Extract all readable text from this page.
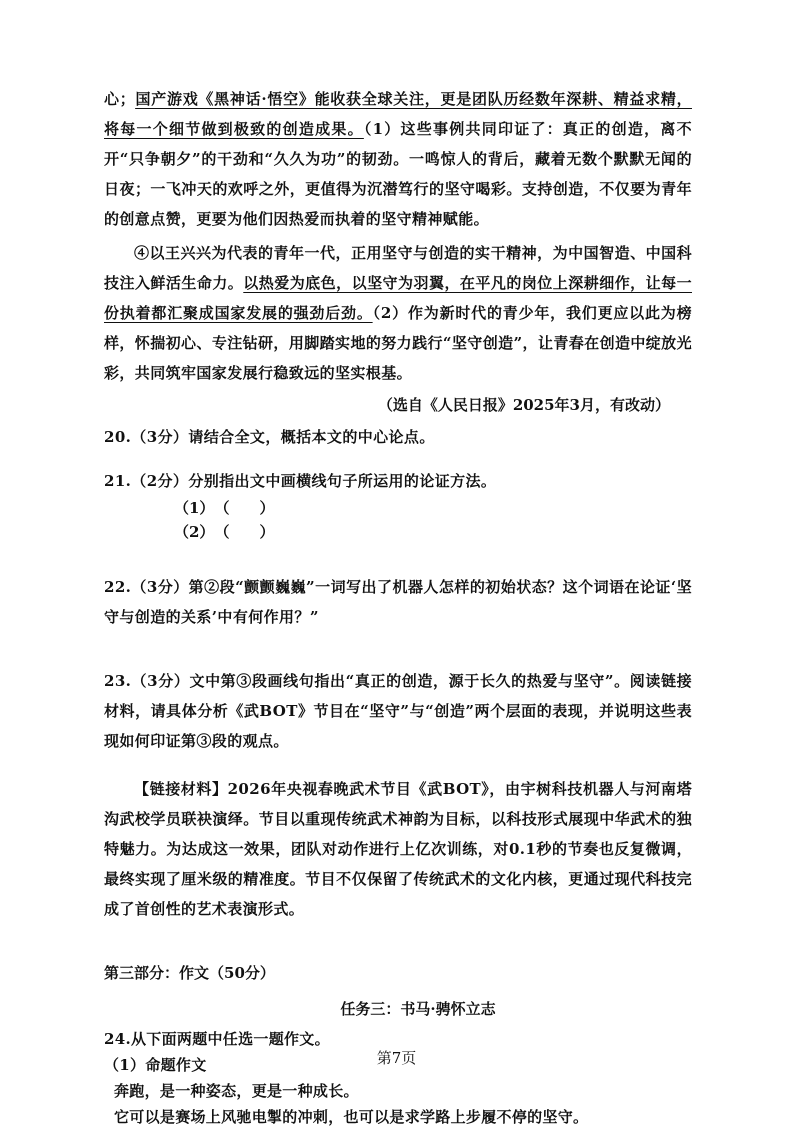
心；国产游戏《黑神话·悟空》能收获全球关注，更是团队历经数年深耕、精益求精，将每一个细节做到极致的创造成果。（1）这些事例共同印证了：真正的创造，离不开“只争朝夕”的干劲和“久久为功”的韧劲。一鸣惊人的背后，藏着无数个默默无闻的日夜；一飞冲天的欢呼之外，更值得为沉潜笃行的坚守喝彩。支持创造，不仅要为青年的创意点赞，更要为他们因热爱而执着的坚守精神赋能。
④以王兴兴为代表的青年一代，正用坚守与创造的实干精神，为中国智造、中国科技注入鲜活生命力。以热爱为底色，以坚守为羽翼，在平凡的岗位上深耕细作，让每一份执着都汇聚成国家发展的强劲后劲。（2）作为新时代的青少年，我们更应以此为榜样，怀揣初心、专注钻研，用脚踏实地的努力践行“坚守创造”，让青春在创造中绽放光彩，共同筑牢国家发展行稳致远的坚实根基。
（选自《人民日报》2025年3月，有改动）
20.（3分）请结合全文，概括本文的中心论点。
21.（2分）分别指出文中画横线句子所运用的论证方法。
（1）（　　）
（2）（　　）
22.（3分）第②段“颤颤巍巍”一词写出了机器人怎样的初始状态？这个词语在论证‘坚守与创造的关系’中有何作用？”
23.（3分）文中第③段画线句指出“真正的创造，源于长久的热爱与坚守”。阅读链接材料，请具体分析《武BOT》节目在“坚守”与“创造”两个层面的表现，并说明这些表现如何印证第③段的观点。
【链接材料】2026年央视春晚武术节目《武BOT》，由宇树科技机器人与河南塔沟武校学员联袂演绎。节目以重现传统武术神韵为目标，以科技形式展现中华武术的独特魅力。为达成这一效果，团队对动作进行上亿次训练，对0.1秒的节奏也反复微调，最终实现了厘米级的精准度。节目不仅保留了传统武术的文化内核，更通过现代科技完成了首创性的艺术表演形式。
第三部分：作文（50分）
任务三：书马·骋怀立志
24.从下面两题中任选一题作文。
（1）命题作文
奔跑，是一种姿态，更是一种成长。
它可以是赛场上风驰电掣的冲刺，也可以是求学路上步履不停的坚守。
第7页
